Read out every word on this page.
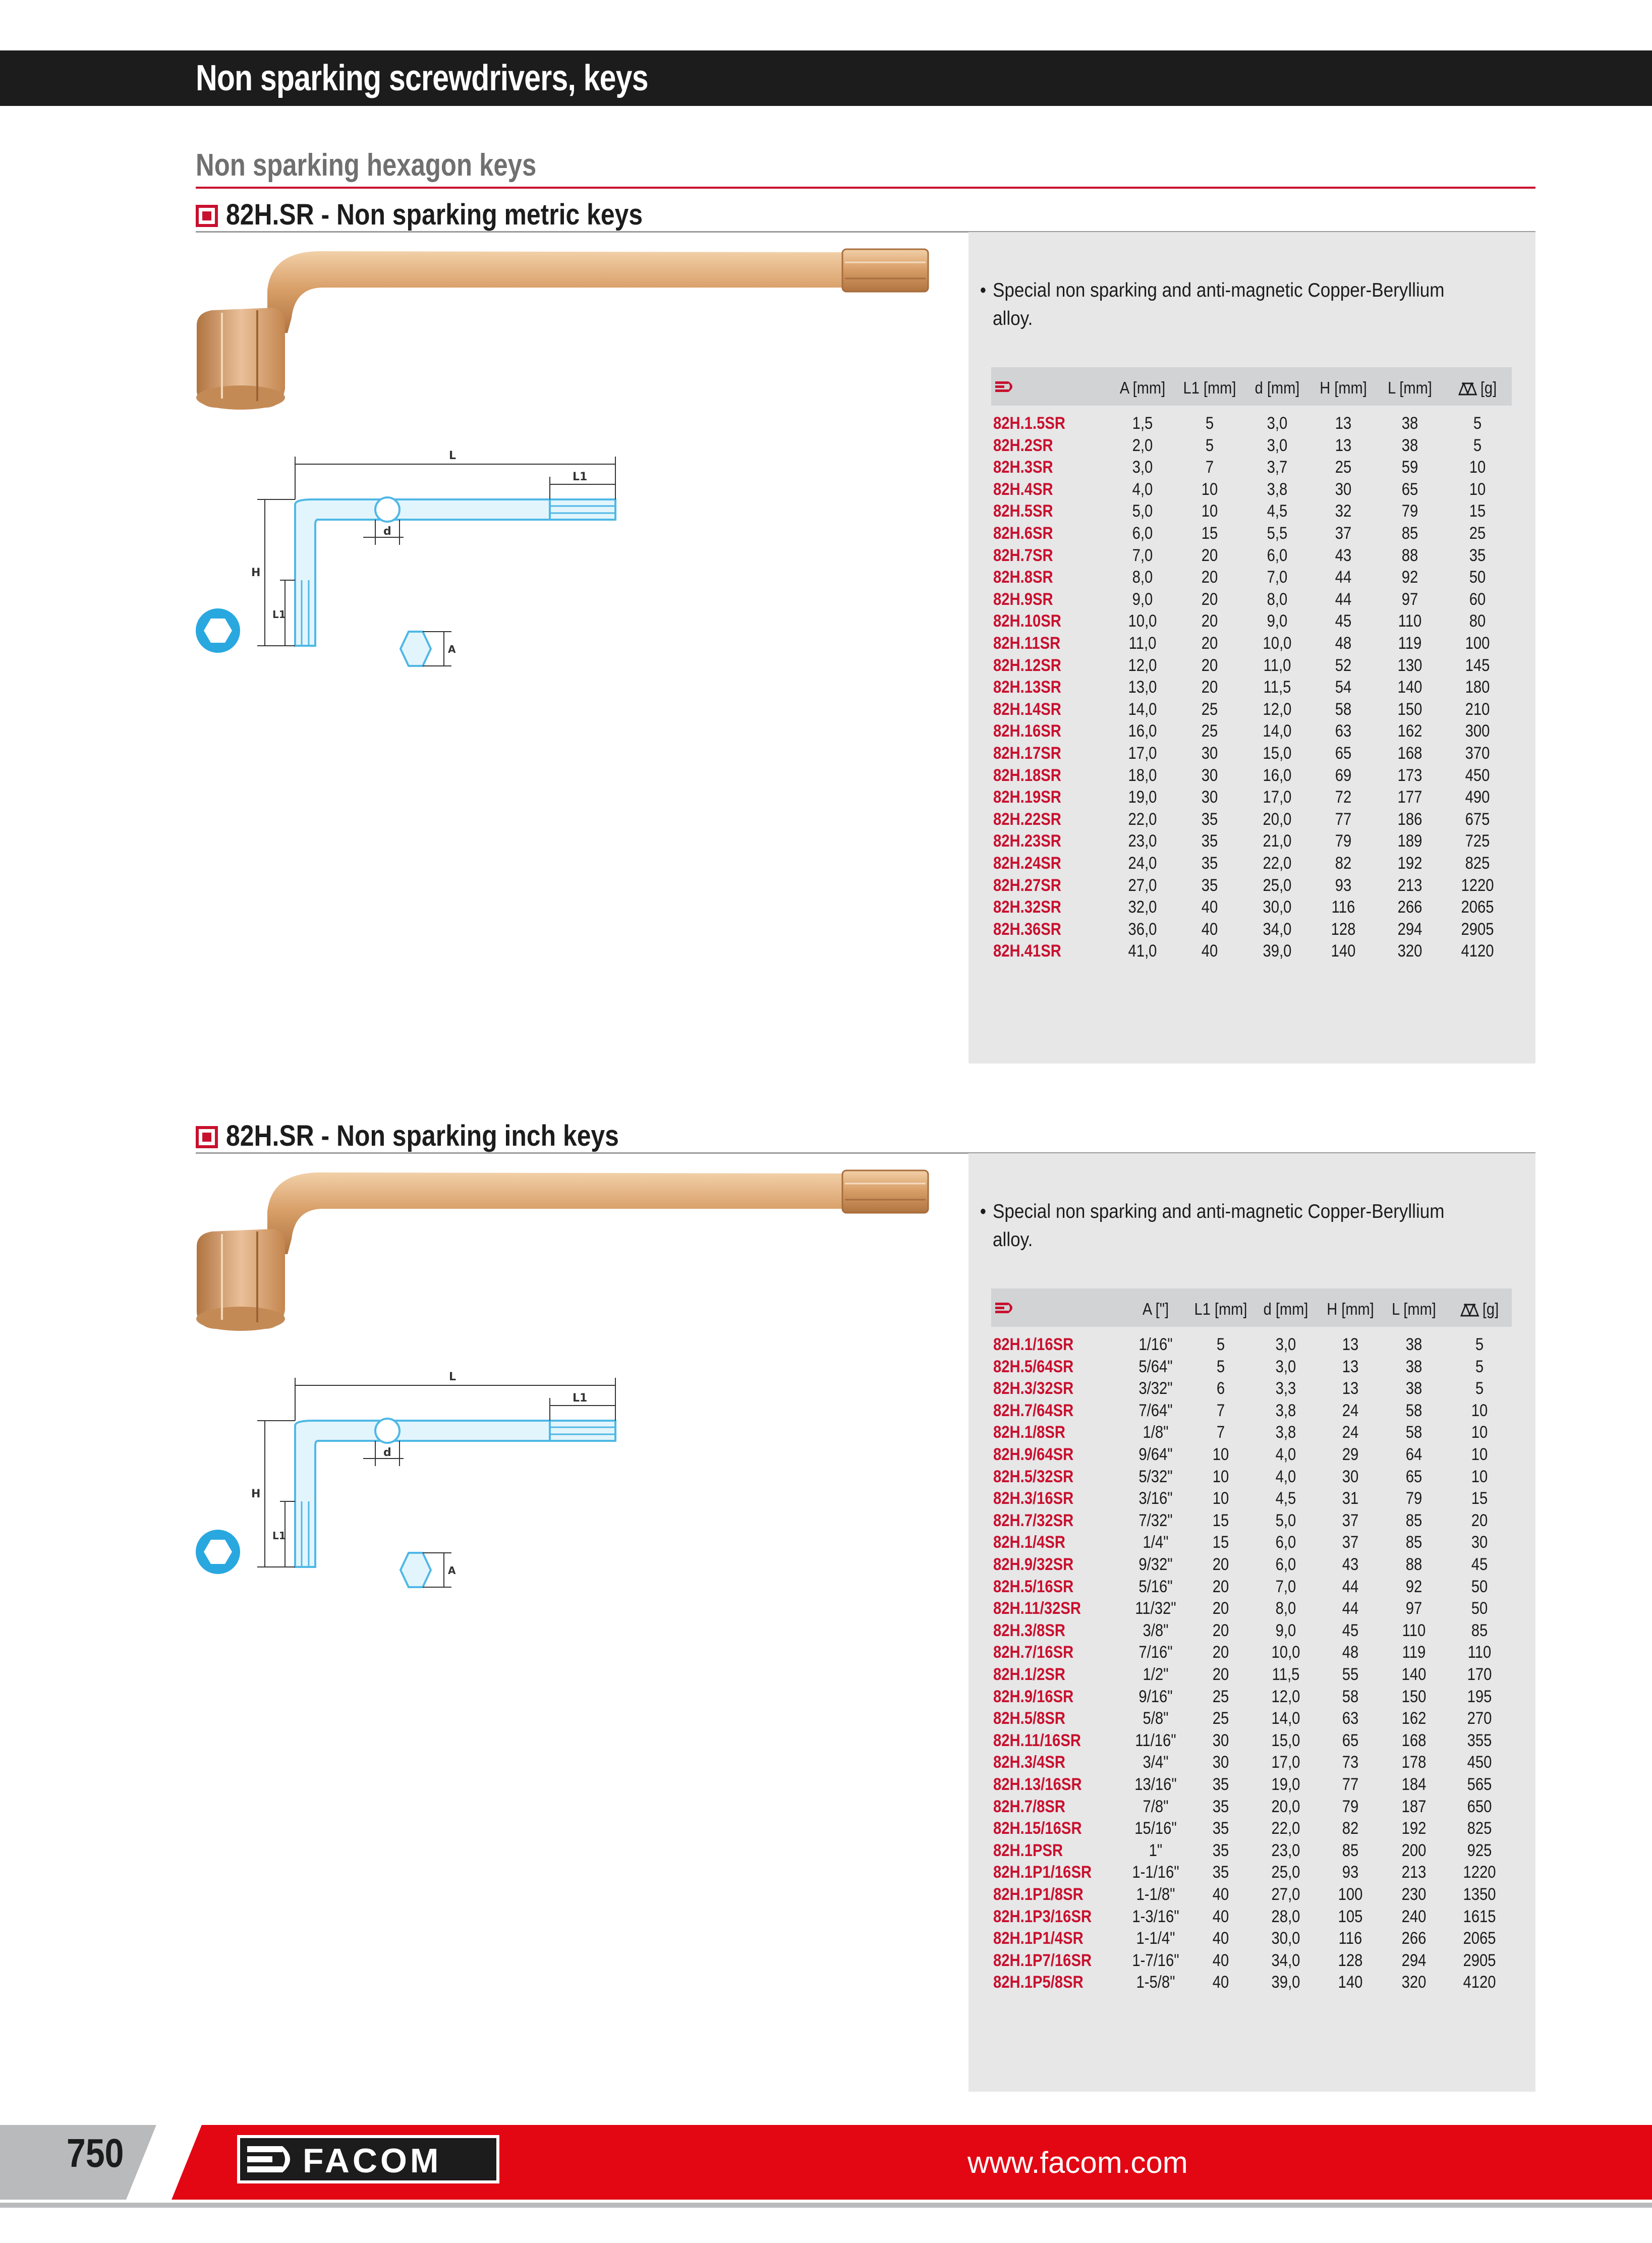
Non sparking screwdrivers, keys
Non sparking hexagon keys
82H.SR - Non sparking metric keys
L
L1
d
H
L1
A
• Special non sparking and anti-magnetic Copper-Beryllium alloy.
A [mm]	L1 [mm]	d [mm]	H [mm]	L [mm]	[g]
82H.1.5SR	1,5	5	3,0	13	38	5
82H.2SR	2,0	5	3,0	13	38	5
82H.3SR	3,0	7	3,7	25	59	10
82H.4SR	4,0	10	3,8	30	65	10
82H.5SR	5,0	10	4,5	32	79	15
82H.6SR	6,0	15	5,5	37	85	25
82H.7SR	7,0	20	6,0	43	88	35
82H.8SR	8,0	20	7,0	44	92	50
82H.9SR	9,0	20	8,0	44	97	60
82H.10SR	10,0	20	9,0	45	110	80
82H.11SR	11,0	20	10,0	48	119	100
82H.12SR	12,0	20	11,0	52	130	145
82H.13SR	13,0	20	11,5	54	140	180
82H.14SR	14,0	25	12,0	58	150	210
82H.16SR	16,0	25	14,0	63	162	300
82H.17SR	17,0	30	15,0	65	168	370
82H.18SR	18,0	30	16,0	69	173	450
82H.19SR	19,0	30	17,0	72	177	490
82H.22SR	22,0	35	20,0	77	186	675
82H.23SR	23,0	35	21,0	79	189	725
82H.24SR	24,0	35	22,0	82	192	825
82H.27SR	27,0	35	25,0	93	213	1220
82H.32SR	32,0	40	30,0	116	266	2065
82H.36SR	36,0	40	34,0	128	294	2905
82H.41SR	41,0	40	39,0	140	320	4120
82H.SR - Non sparking inch keys
L
L1
d
H
L1
A
• Special non sparking and anti-magnetic Copper-Beryllium alloy.
A ["]	L1 [mm] d [mm]	H [mm]	L [mm]	[g]
82H.1/16SR	1/16"	5	3,0	13	38	5
82H.5/64SR	5/64"	5	3,0	13	38	5
82H.3/32SR	3/32"	6	3,3	13	38	5
82H.7/64SR	7/64"	7	3,8	24	58	10
82H.1/8SR	1/8"	7	3,8	24	58	10
82H.9/64SR	9/64"	10	4,0	29	64	10
82H.5/32SR	5/32"	10	4,0	30	65	10
82H.3/16SR	3/16"	10	4,5	31	79	15
82H.7/32SR	7/32"	15	5,0	37	85	20
82H.1/4SR	1/4"	15	6,0	37	85	30
82H.9/32SR	9/32"	20	6,0	43	88	45
82H.5/16SR	5/16"	20	7,0	44	92	50
82H.11/32SR	11/32"	20	8,0	44	97	50
82H.3/8SR	3/8"	20	9,0	45	110	85
82H.7/16SR	7/16"	20	10,0	48	119	110
82H.1/2SR	1/2"	20	11,5	55	140	170
82H.9/16SR	9/16"	25	12,0	58	150	195
82H.5/8SR	5/8"	25	14,0	63	162	270
82H.11/16SR	11/16"	30	15,0	65	168	355
82H.3/4SR	3/4"	30	17,0	73	178	450
82H.13/16SR	13/16"	35	19,0	77	184	565
82H.7/8SR	7/8"	35	20,0	79	187	650
82H.15/16SR	15/16"	35	22,0	82	192	825
82H.1PSR	1"	35	23,0	85	200	925
82H.1P1/16SR	1-1/16"	35	25,0	93	213	1220
82H.1P1/8SR	1-1/8"	40	27,0	100	230	1350
82H.1P3/16SR	1-3/16"	40	28,0	105	240	1615
82H.1P1/4SR	1-1/4"	40	30,0	116	266	2065
82H.1P7/16SR	1-7/16"	40	34,0	128	294	2905
82H.1P5/8SR	1-5/8"	40	39,0	140	320	4120
750	FACOM	www.facom.com
